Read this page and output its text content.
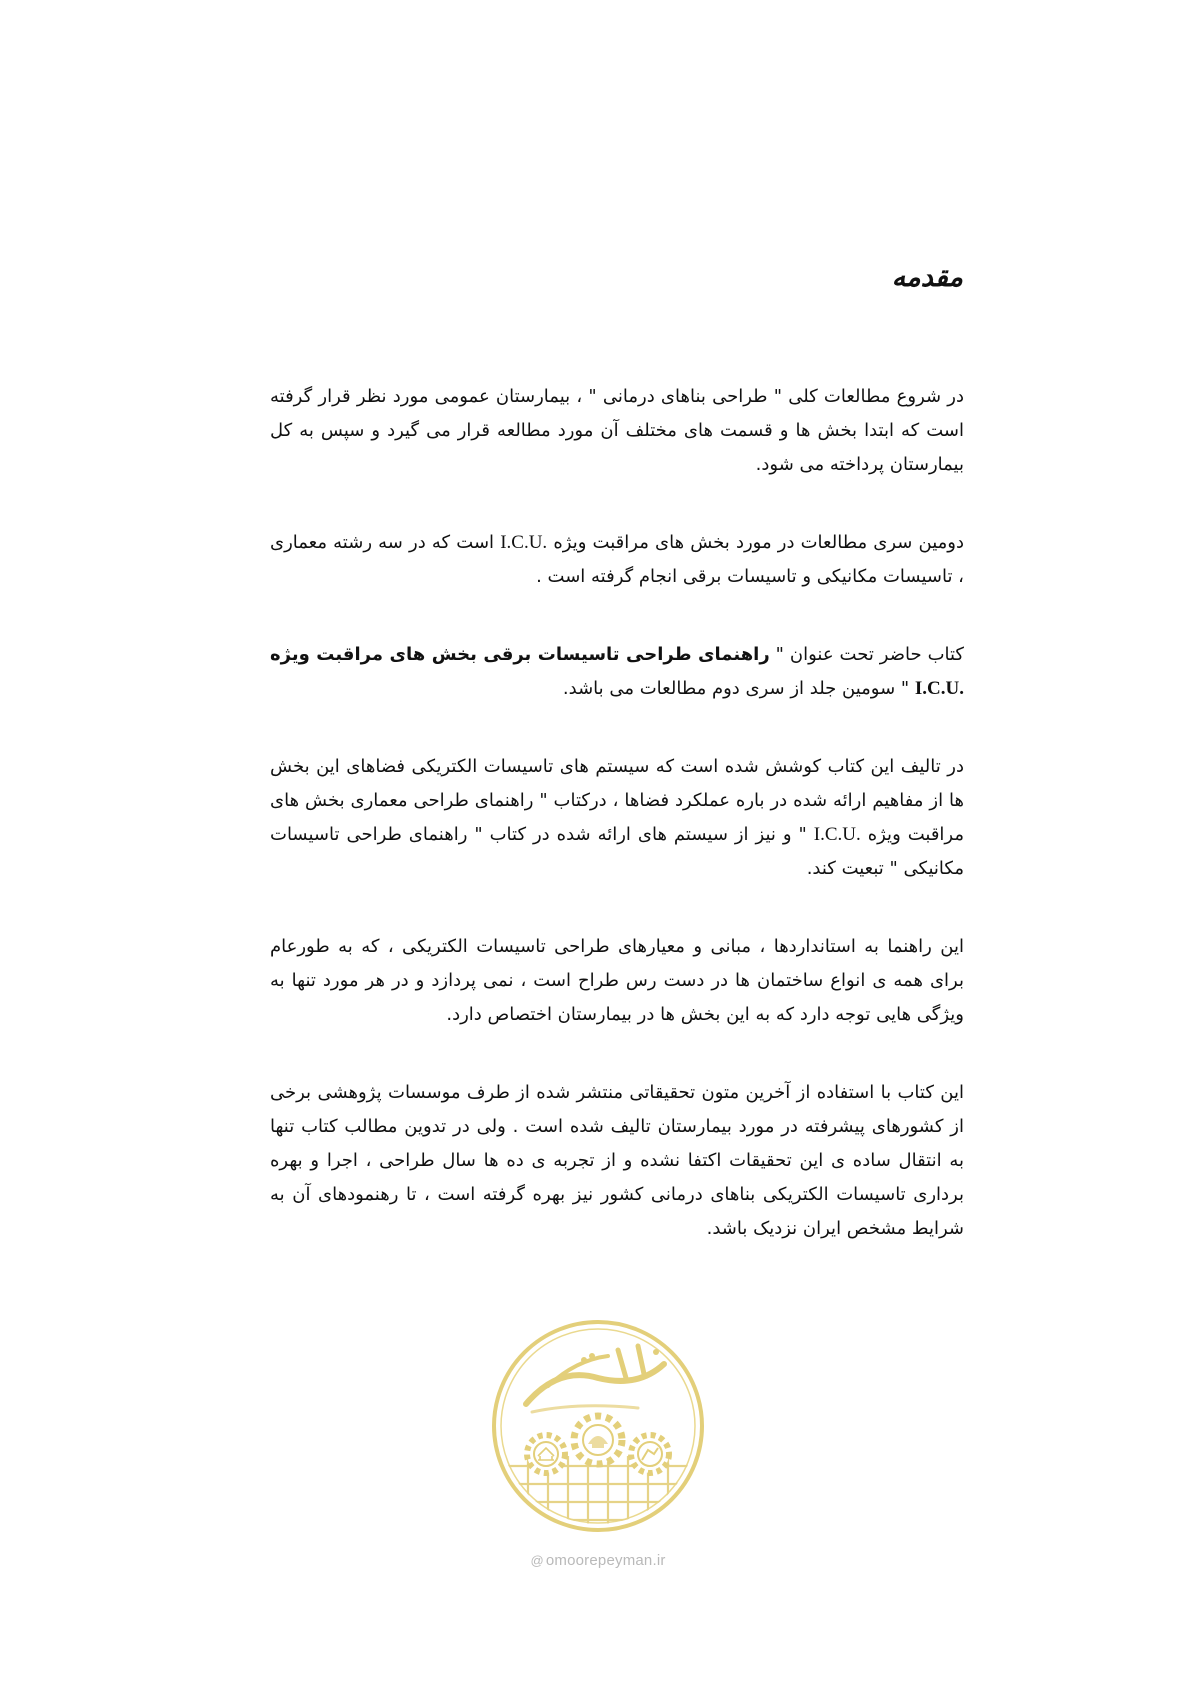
مقدمه

در شروع مطالعات کلی " طراحی بناهای درمانی " ، بیمارستان عمومی مورد نظر قرار گرفته است که ابتدا بخش ها و قسمت های مختلف آن مورد مطالعه قرار می گیرد و سپس به کل بیمارستان پرداخته می شود.

دومین سری مطالعات در مورد بخش های مراقبت ویژه I.C.U. است که در سه رشته معماری ، تاسیسات مکانیکی و تاسیسات برقی انجام گرفته است .

کتاب حاضر تحت عنوان " راهنمای طراحی تاسیسات برقی بخش های مراقبت ویژه I.C.U. " سومین جلد از سری دوم مطالعات می باشد.

در تالیف این کتاب کوشش شده است که سیستم های تاسیسات الکتریکی فضاهای این بخش ها از مفاهیم ارائه شده در باره عملکرد فضاها ، درکتاب " راهنمای طراحی معماری بخش های مراقبت ویژه I.C.U. " و نیز از سیستم های ارائه شده در کتاب " راهنمای طراحی تاسیسات مکانیکی " تبعیت کند.

این راهنما به استانداردها ، مبانی و معیارهای طراحی تاسیسات الکتریکی ، که به طورعام برای همه ی انواع ساختمان ها در دست رس طراح است ، نمی پردازد و در هر مورد تنها به ویژگی هایی توجه دارد که به این بخش ها در بیمارستان اختصاص دارد.

این کتاب با استفاده از آخرین متون تحقیقاتی منتشر شده از طرف موسسات پژوهشی برخی از کشورهای پیشرفته در مورد بیمارستان تالیف شده است . ولی در تدوین مطالب کتاب تنها به انتقال ساده ی این تحقیقات اکتفا نشده و از تجربه ی ده ها سال طراحی ، اجرا و بهره برداری تاسیسات الکتریکی بناهای درمانی کشور نیز بهره گرفته است ، تا رهنمودهای آن به شرایط مشخص ایران نزدیک باشد.

@ omoorepeyman.ir
